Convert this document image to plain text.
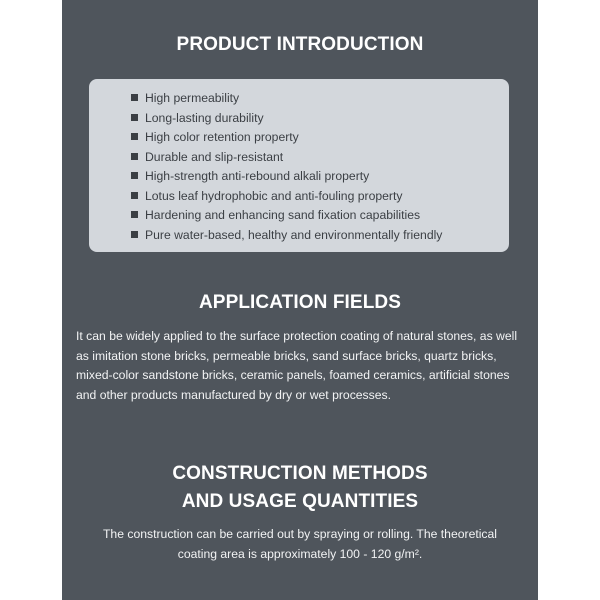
PRODUCT INTRODUCTION
High permeability
Long-lasting durability
High color retention property
Durable and slip-resistant
High-strength anti-rebound alkali property
Lotus leaf hydrophobic and anti-fouling property
Hardening and enhancing sand fixation capabilities
Pure water-based, healthy and environmentally friendly
APPLICATION FIELDS
It can be widely applied to the surface protection coating of natural stones, as well as imitation stone bricks, permeable bricks, sand surface bricks, quartz bricks, mixed-color sandstone bricks, ceramic panels, foamed ceramics, artificial stones and other products manufactured by dry or wet processes.
CONSTRUCTION METHODS
AND USAGE QUANTITIES
The construction can be carried out by spraying or rolling. The theoretical
coating area is approximately 100 - 120 g/m².
